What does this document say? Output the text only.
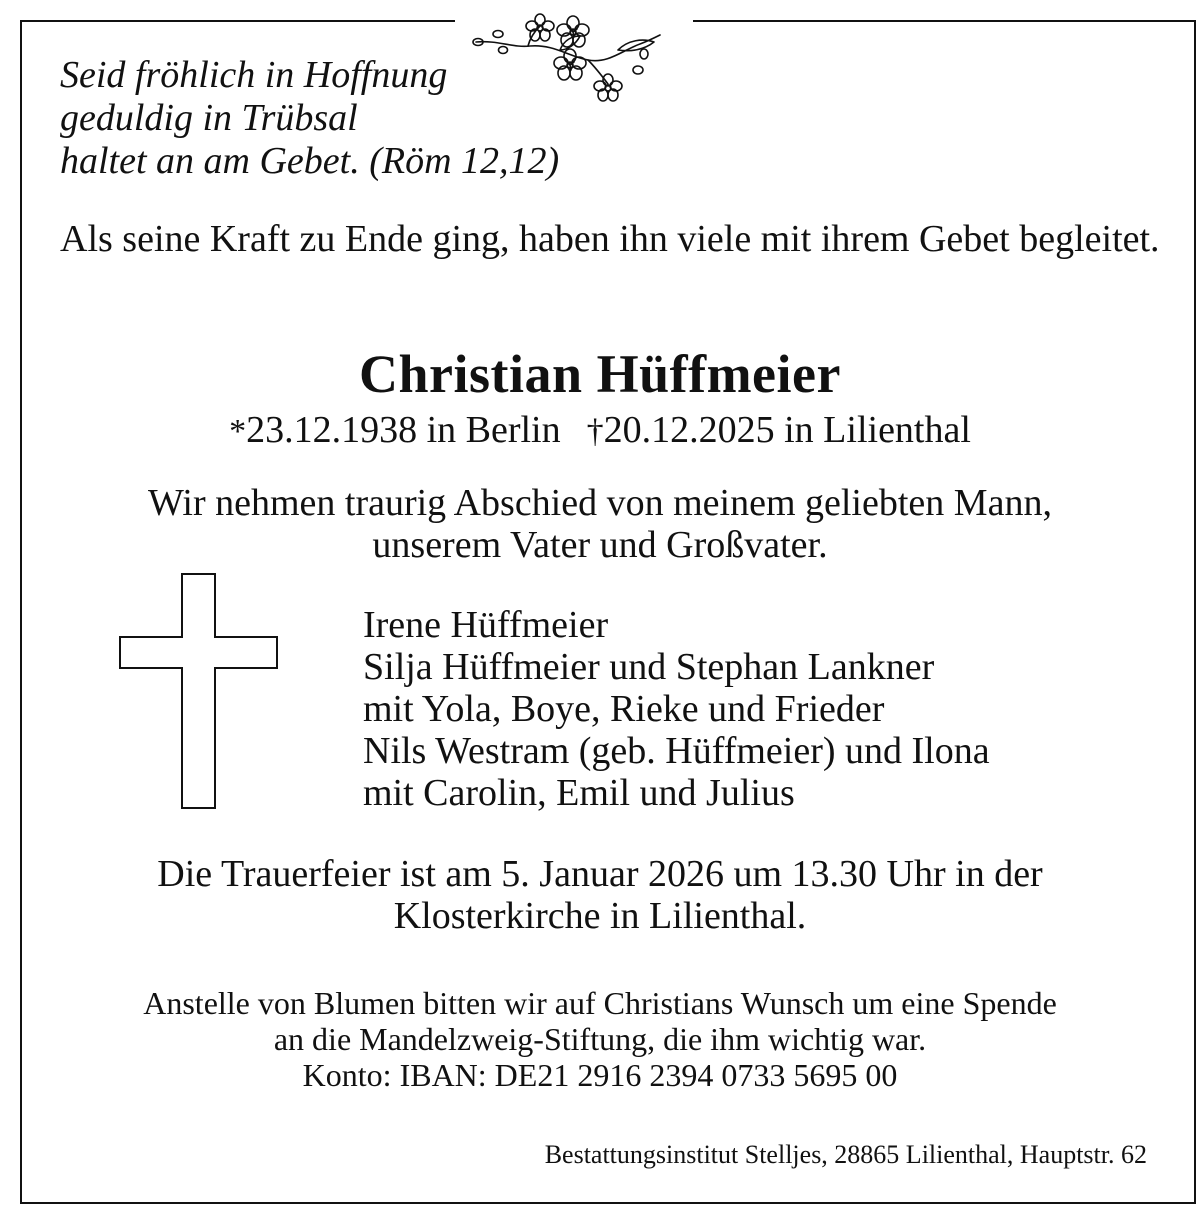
Seid fröhlich in Hoffnung
geduldig in Trübsal
haltet an am Gebet. (Röm 12,12)
Als seine Kraft zu Ende ging, haben ihn viele mit ihrem Gebet begleitet.
Christian Hüffmeier
*23.12.1938 in Berlin †20.12.2025 in Lilienthal
Wir nehmen traurig Abschied von meinem geliebten Mann,
unserem Vater und Großvater.
Irene Hüffmeier
Silja Hüffmeier und Stephan Lankner
mit Yola, Boye, Rieke und Frieder
Nils Westram (geb. Hüffmeier) und Ilona
mit Carolin, Emil und Julius
Die Trauerfeier ist am 5. Januar 2026 um 13.30 Uhr in der
Klosterkirche in Lilienthal.
Anstelle von Blumen bitten wir auf Christians Wunsch um eine Spende
an die Mandelzweig-Stiftung, die ihm wichtig war.
Konto: IBAN: DE21 2916 2394 0733 5695 00
Bestattungsinstitut Stelljes, 28865 Lilienthal, Hauptstr. 62
